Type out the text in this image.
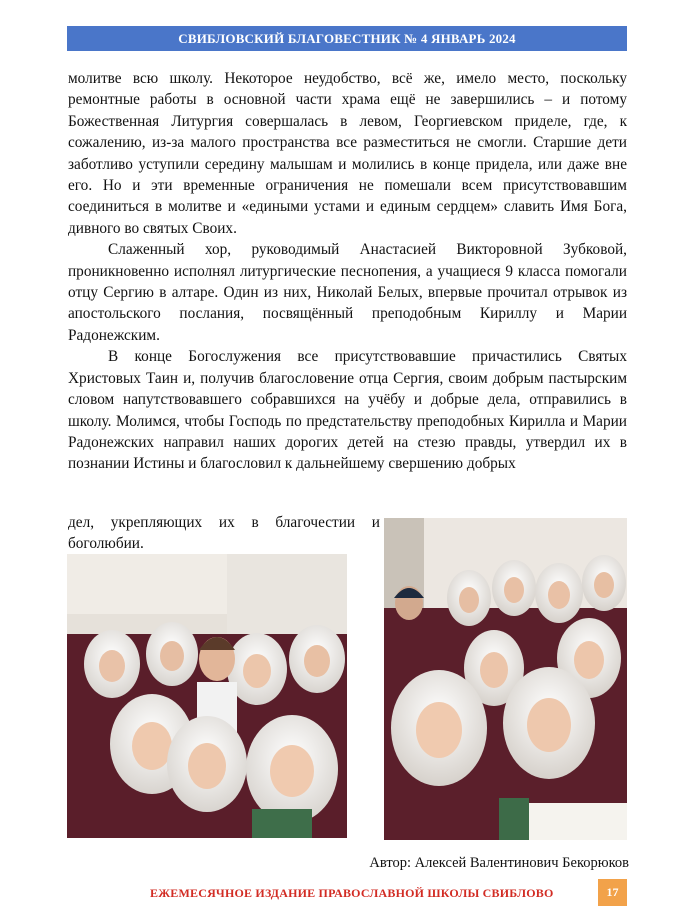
СВИБЛОВСКИЙ БЛАГОВЕСТНИК № 4 ЯНВАРЬ 2024

молитве всю школу. Некоторое неудобство, всё же, имело место, поскольку ремонтные работы в основной части храма ещё не завершились – и потому Божественная Литургия совершалась в левом, Георгиевском приделе, где, к сожалению, из-за малого пространства все разместиться не смогли. Старшие дети заботливо уступили середину малышам и молились в конце придела, или даже вне его. Но и эти временные ограничения не помешали всем присутствовавшим соединиться в молитве и «едиными устами и единым сердцем» славить Имя Бога, дивного во святых Своих.

Слаженный хор, руководимый Анастасией Викторовной Зубковой, проникновенно исполнял литургические песнопения, а учащиеся 9 класса помогали отцу Сергию в алтаре. Один из них, Николай Белых, впервые прочитал отрывок из апостольского послания, посвящённый преподобным Кириллу и Марии Радонежским.

В конце Богослужения все присутствовавшие причастились Святых Христовых Таин и, получив благословение отца Сергия, своим добрым пастырским словом напутствовавшего собравшихся на учёбу и добрые дела, отправились в школу. Молимся, чтобы Господь по предстательству преподобных Кирилла и Марии Радонежских направил наших дорогих детей на стезю правды, утвердил их в познании Истины и благословил к дальнейшему свершению добрых

дел, укрепляющих их в благочестии и боголюбии.
Автор: Алексей Валентинович Бекорюков
ЕЖЕМЕСЯЧНОЕ ИЗДАНИЕ ПРАВОСЛАВНОЙ ШКОЛЫ СВИБЛОВО	17
